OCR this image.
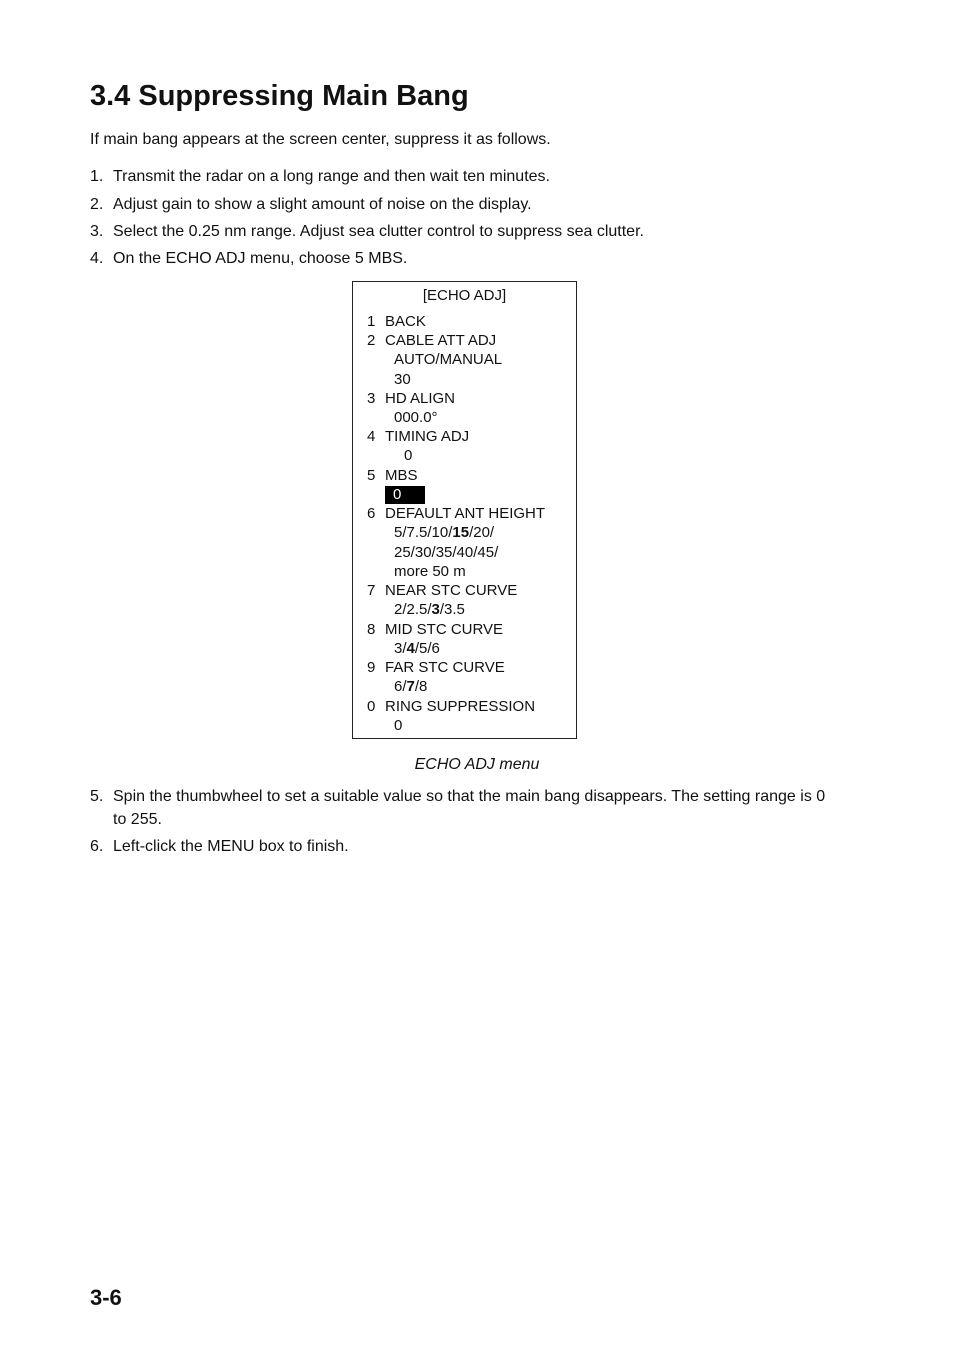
3.4 Suppressing Main Bang

If main bang appears at the screen center, suppress it as follows.

1. Transmit the radar on a long range and then wait ten minutes.
2. Adjust gain to show a slight amount of noise on the display.
3. Select the 0.25 nm range. Adjust sea clutter control to suppress sea clutter.
4. On the ECHO ADJ menu, choose 5 MBS.
[ECHO ADJ]
1 BACK
2 CABLE ATT ADJ
AUTO/MANUAL
30
3 HD ALIGN
000.0°
4 TIMING ADJ
0
5 MBS
0
6 DEFAULT ANT HEIGHT
5/7.5/10/15/20/
25/30/35/40/45/
more 50 m
7 NEAR STC CURVE
2/2.5/3/3.5
8 MID STC CURVE
3/4/5/6
9 FAR STC CURVE
6/7/8
0 RING SUPPRESSION
0
ECHO ADJ menu
5. Spin the thumbwheel to set a suitable value so that the main bang disappears. The setting range is 0 to 255.
6. Left-click the MENU box to finish.
3-6
